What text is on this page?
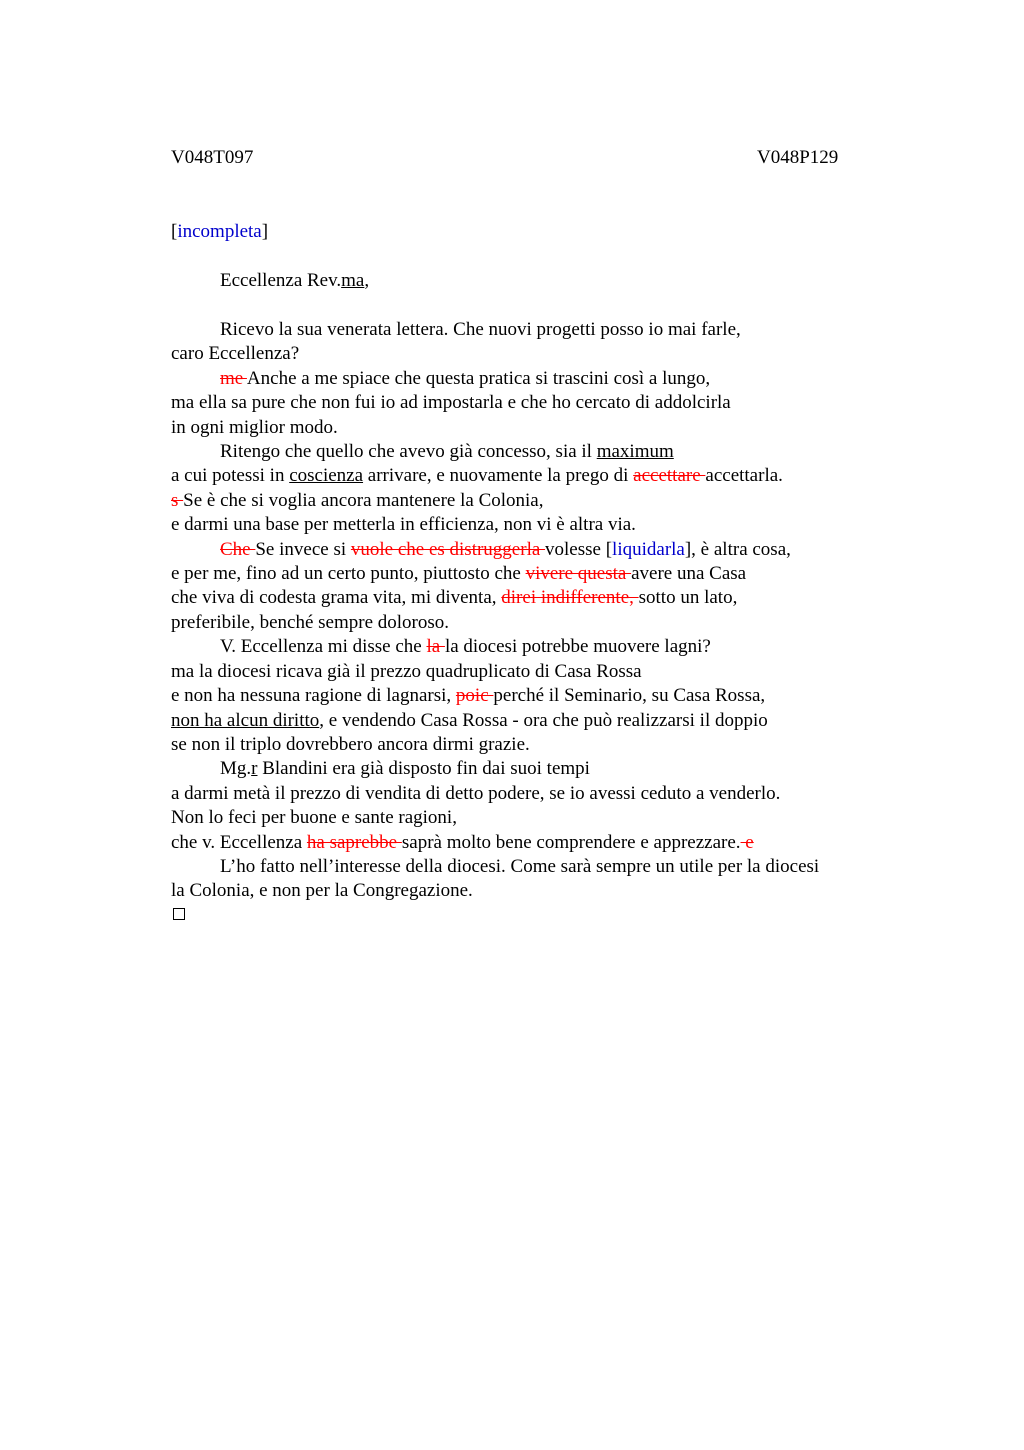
V048T097	V048P129
[incompleta]
Eccellenza Rev.ma,
Ricevo la sua venerata lettera. Che nuovi progetti posso io mai farle,
caro Eccellenza?
me Anche a me spiace che questa pratica si trascini così a lungo,
ma ella sa pure che non fui io ad impostarla e che ho cercato di addolcirla
in ogni miglior modo.
Ritengo che quello che avevo già concesso, sia il maximum
a cui potessi in coscienza arrivare, e nuovamente la prego di accettare accettarla.
s Se è che si voglia ancora mantenere la Colonia,
e darmi una base per metterla in efficienza, non vi è altra via.
Che Se invece si vuole che es distruggerla volesse [liquidarla], è altra cosa,
e per me, fino ad un certo punto, piuttosto che vivere questa avere una Casa
che viva di codesta grama vita, mi diventa, direi indifferente, sotto un lato,
preferibile, benché sempre doloroso.
V. Eccellenza mi disse che la la diocesi potrebbe muovere lagni?
ma la diocesi ricava già il prezzo quadruplicato di Casa Rossa
e non ha nessuna ragione di lagnarsi, poic perché il Seminario, su Casa Rossa,
non ha alcun diritto, e vendendo Casa Rossa - ora che può realizzarsi il doppio
se non il triplo dovrebbero ancora dirmi grazie.
Mg.r Blandini era già disposto fin dai suoi tempi
a darmi metà il prezzo di vendita di detto podere, se io avessi ceduto a venderlo.
Non lo feci per buone e sante ragioni,
che v. Eccellenza ha saprebbe saprà molto bene comprendere e apprezzare. e
L’ho fatto nell’interesse della diocesi. Come sarà sempre un utile per la diocesi
la Colonia, e non per la Congregazione.
